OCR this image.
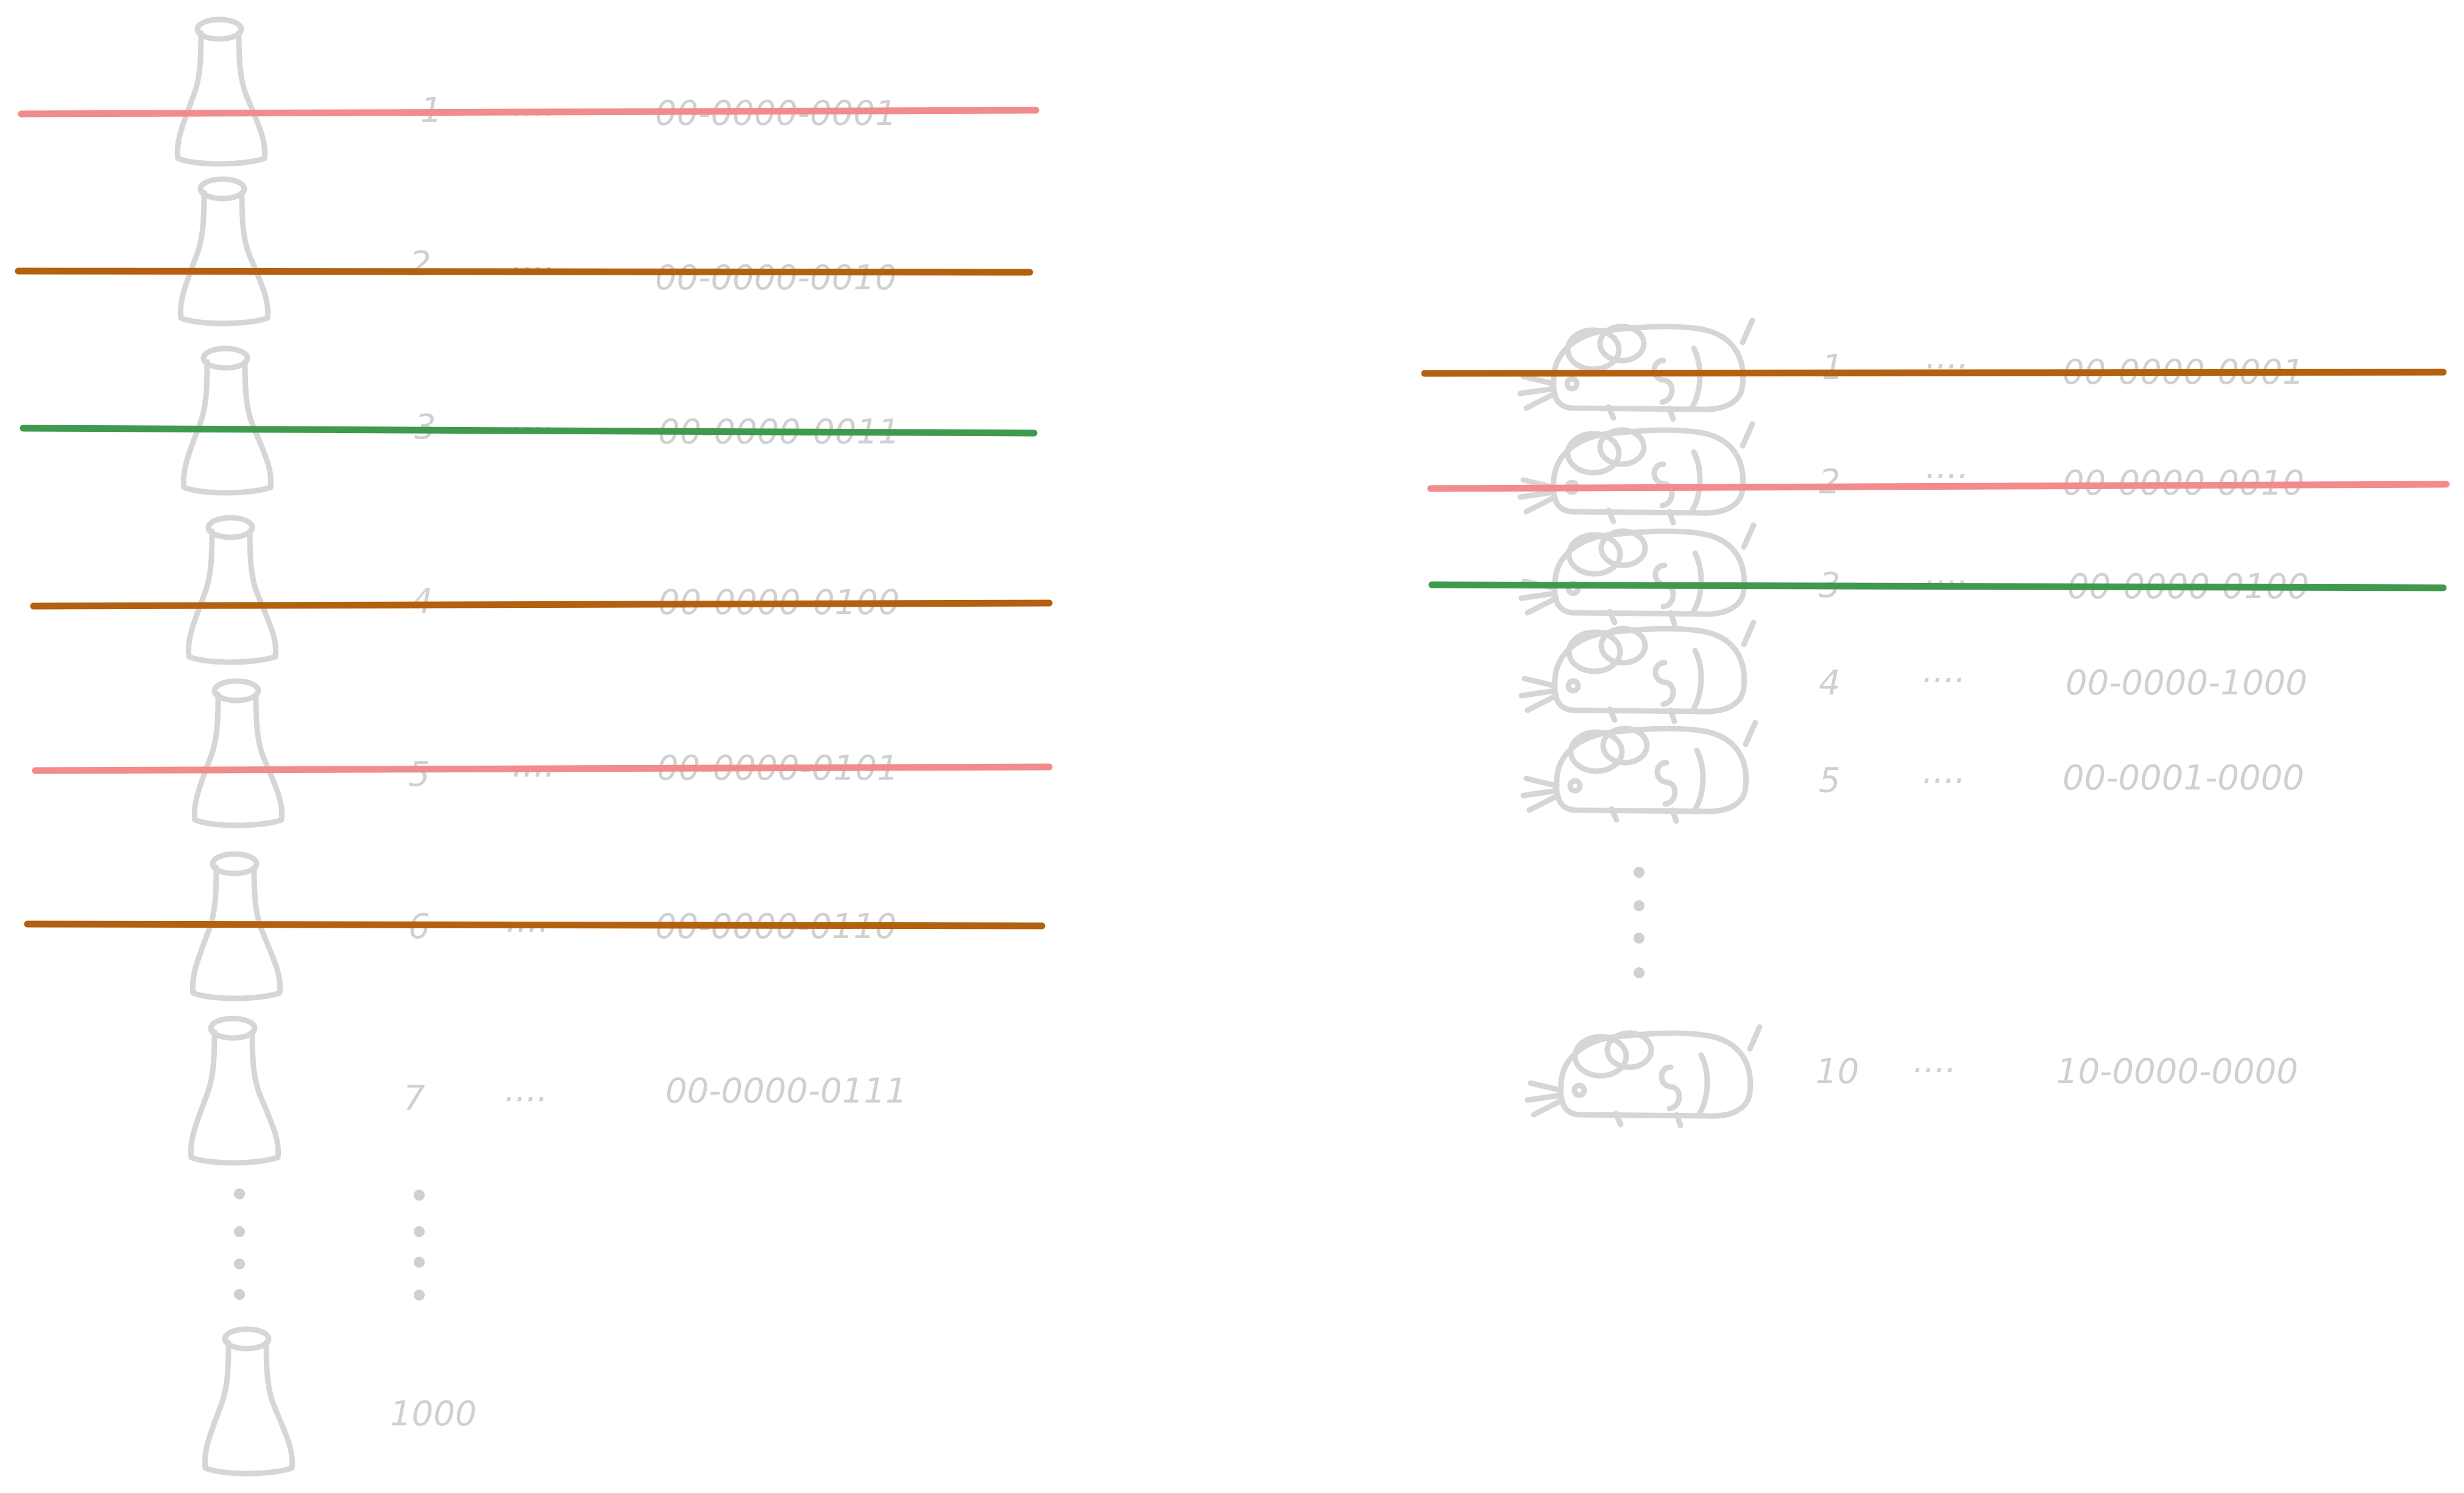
1 ....	00-0000-0001
2 ....	00-0000-0010
3 ....	00-0000-0011
4 ....	00-0000-0100
5 ....	00-0000-0101
6 ....	00-0000-0110
7 ....	00-0000-0111
1000
1 ....	00-0000-0001
2 ....	00-0000-0010
3 ....	00-0000-0100
4 ....	00-0000-1000
5 ....	00-0001-0000
10 ....	10-0000-0000
